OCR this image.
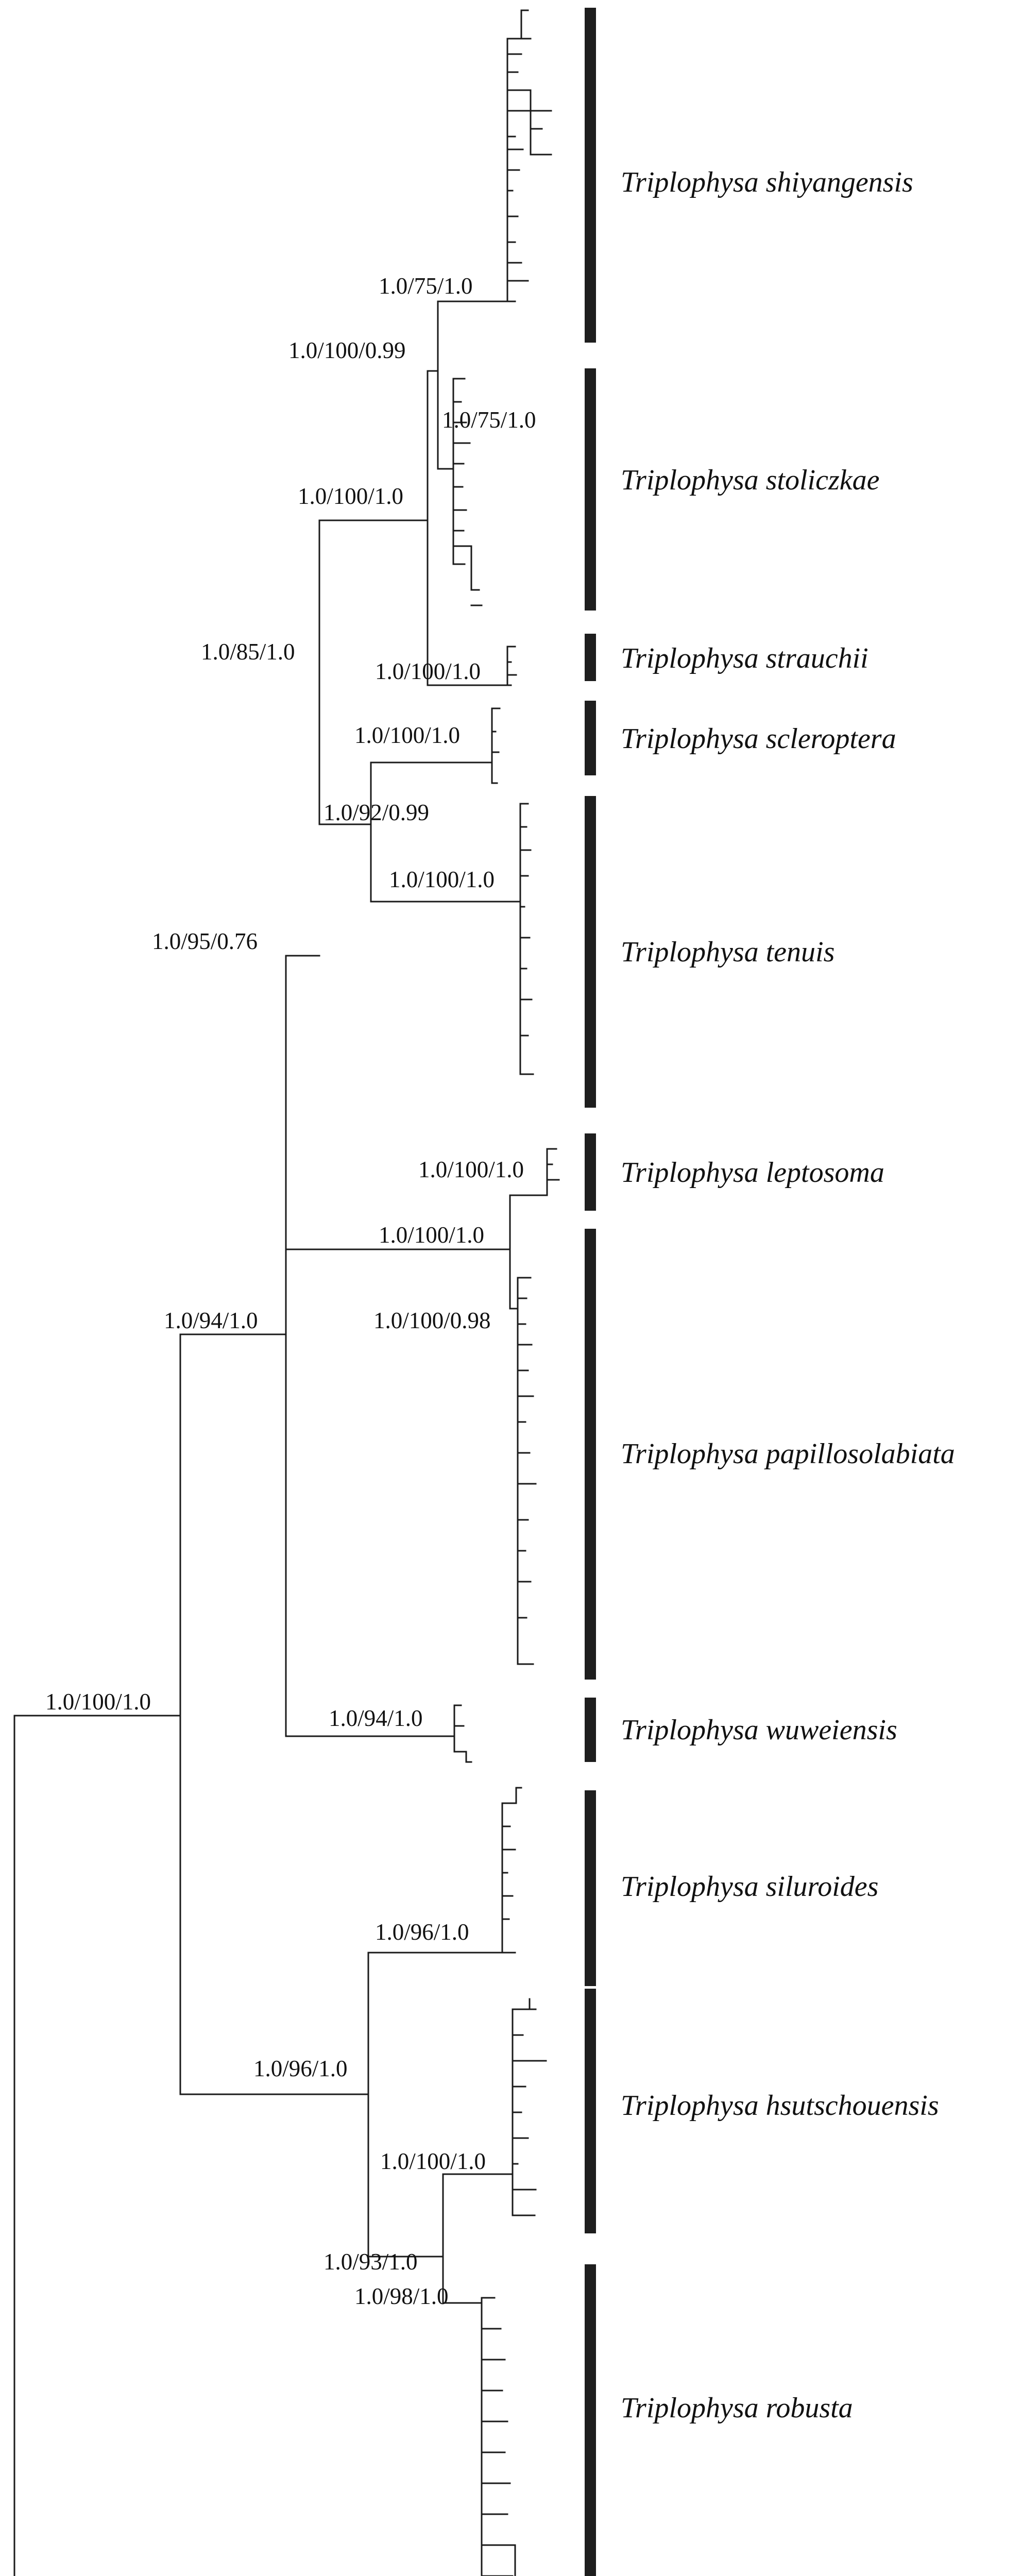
1.0/100/1.0
1.0/94/1.0
1.0/95/0.76
1.0/96/1.0
1.0/85/1.0
1.0/100/1.0
1.0/100/0.99
1.0/75/1.0
1.0/75/1.0
1.0/100/1.0
1.0/92/0.99
1.0/100/1.0
1.0/100/1.0
1.0/100/1.0
1.0/100/1.0
1.0/100/0.98
1.0/94/1.0
1.0/96/1.0
1.0/93/1.0
1.0/100/1.0
1.0/98/1.0
Triplophysa shiyangensis
Triplophysa stoliczkae
Triplophysa strauchii
Triplophysa scleroptera
Triplophysa tenuis
Triplophysa leptosoma
Triplophysa papillosolabiata
Triplophysa wuweiensis
Triplophysa siluroides
Triplophysa hsutschouensis
Triplophysa robusta
